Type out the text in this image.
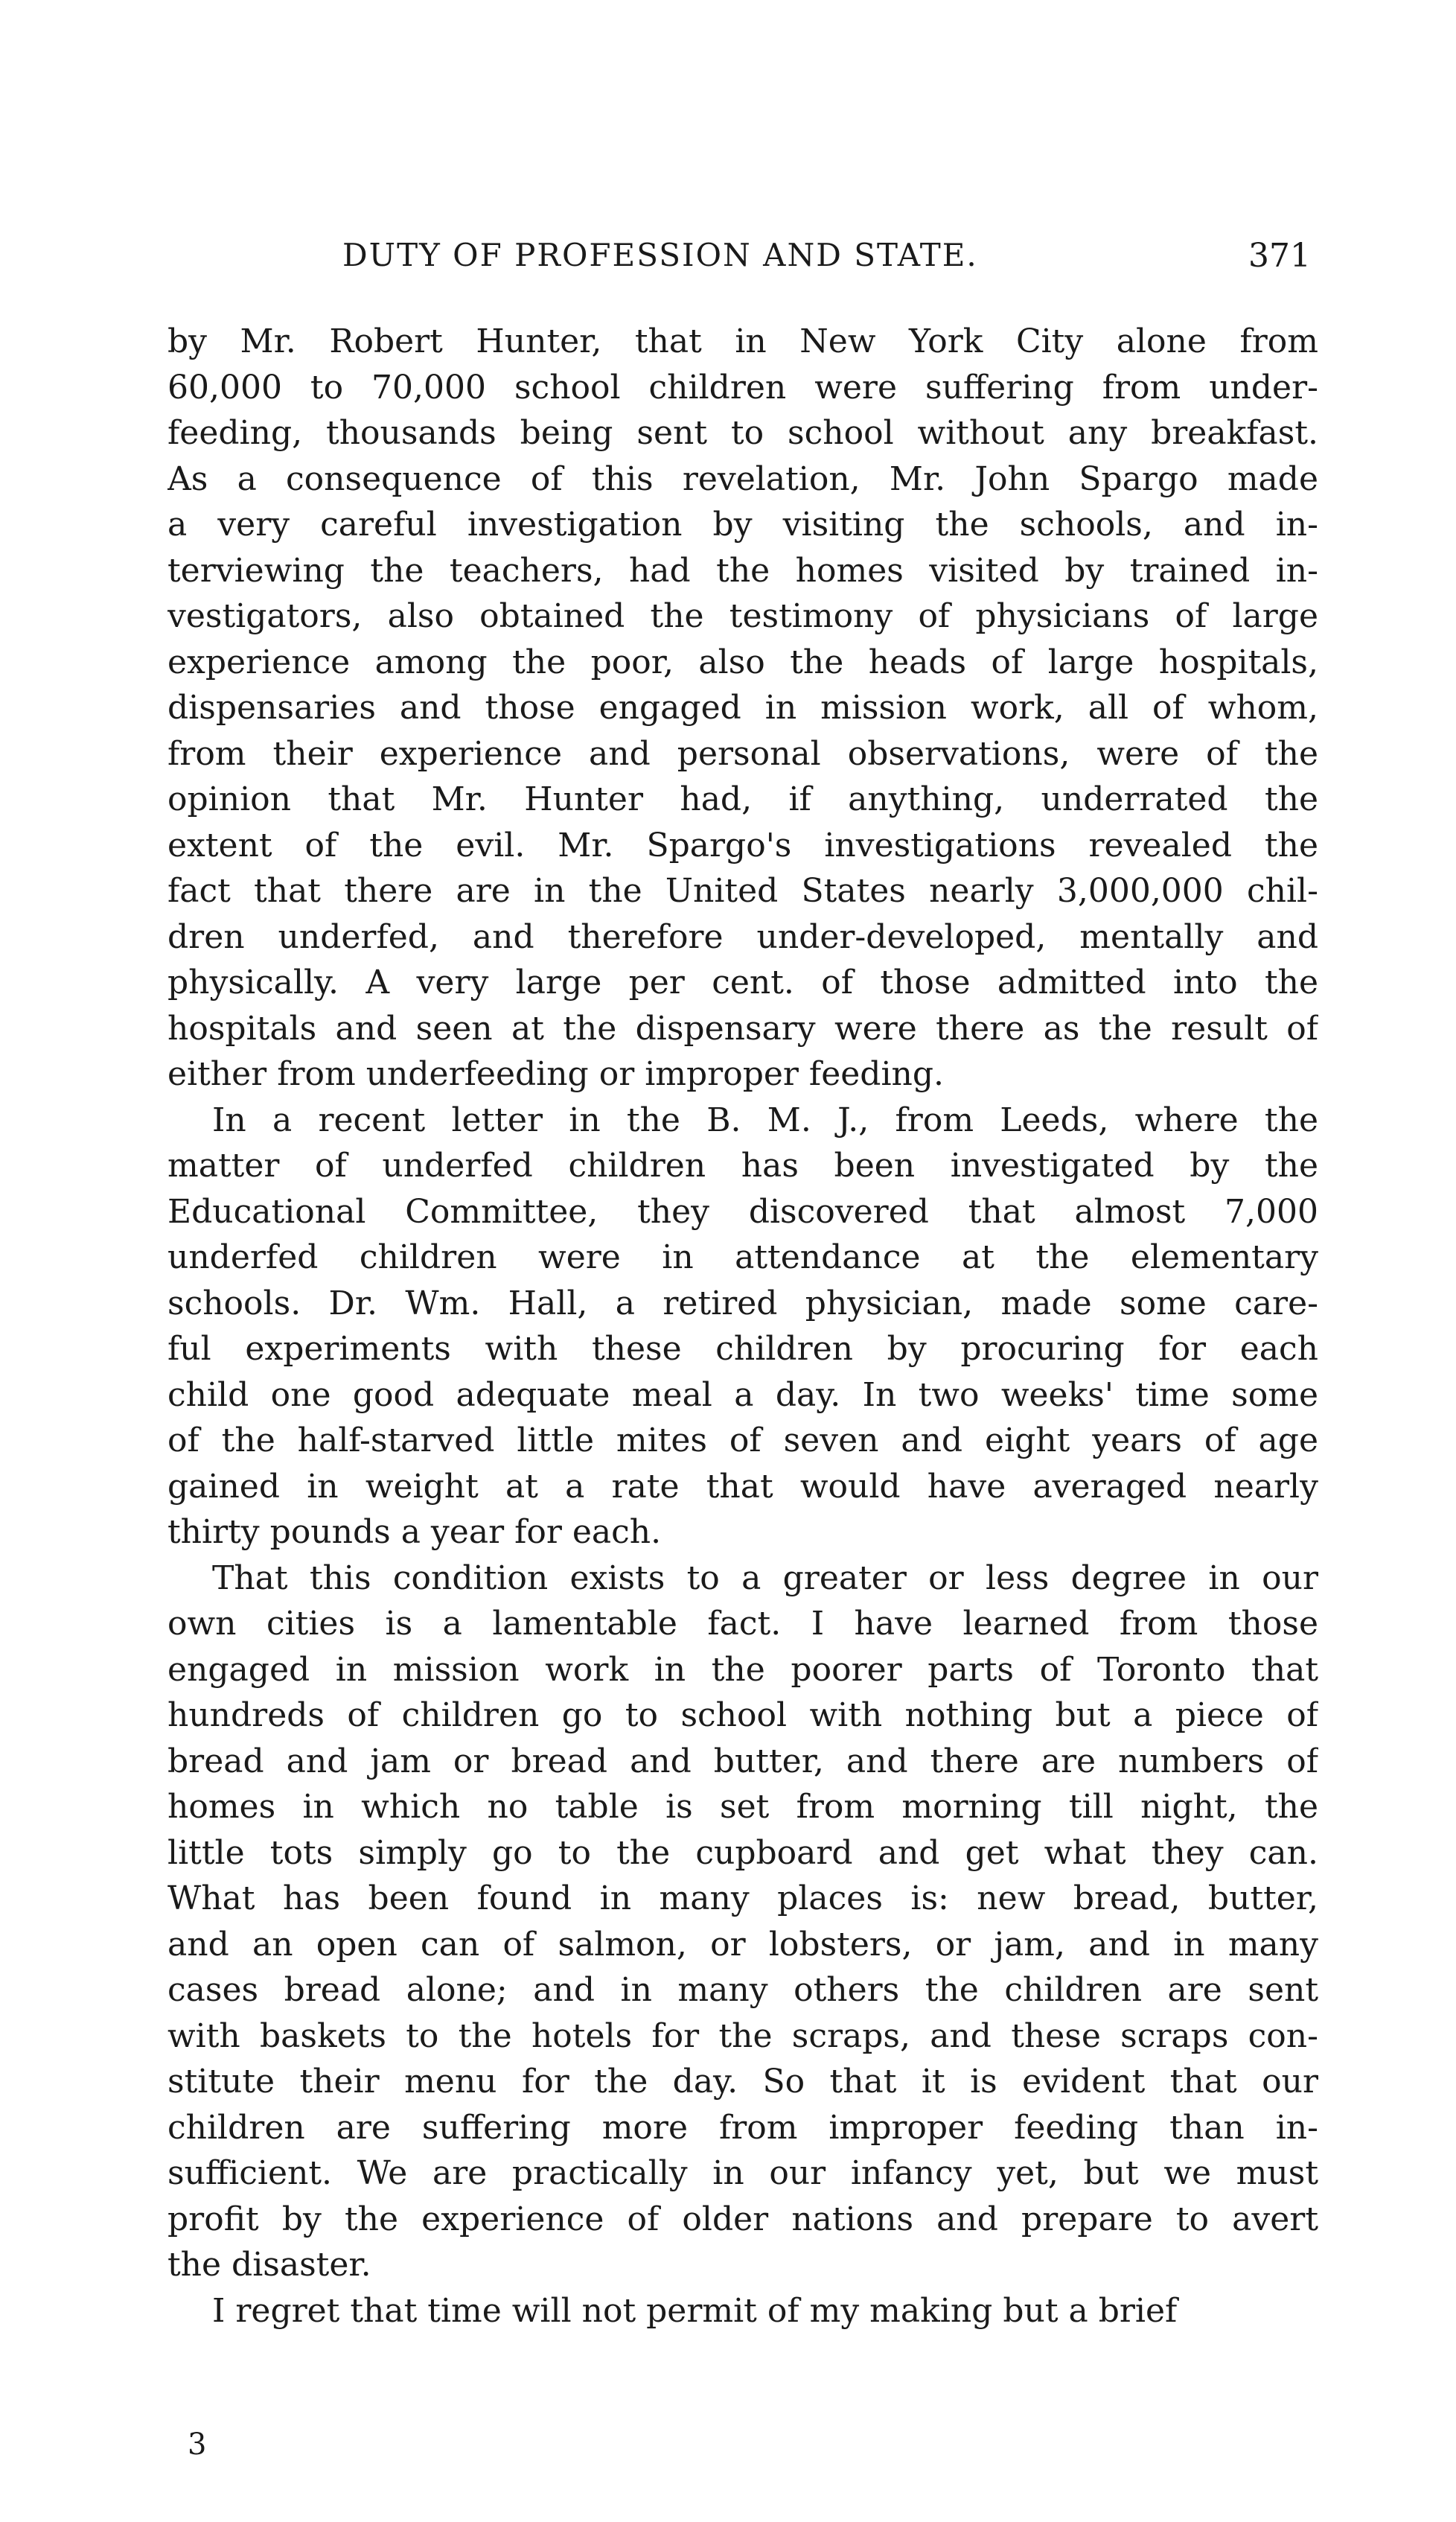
DUTY OF PROFESSION AND STATE.	371
by Mr. Robert Hunter, that in New York City alone from
60,000 to 70,000 school children were suffering from under-
feeding, thousands being sent to school without any breakfast.
As a consequence of this revelation, Mr. John Spargo made
a very careful investigation by visiting the schools, and in-
terviewing the teachers, had the homes visited by trained in-
vestigators, also obtained the testimony of physicians of large
experience among the poor, also the heads of large hospitals,
dispensaries and those engaged in mission work, all of whom,
from their experience and personal observations, were of the
opinion that Mr. Hunter had, if anything, underrated the
extent of the evil. Mr. Spargo's investigations revealed the
fact that there are in the United States nearly 3,000,000 chil-
dren underfed, and therefore under-developed, mentally and
physically. A very large per cent. of those admitted into the
hospitals and seen at the dispensary were there as the result of
either from underfeeding or improper feeding.
In a recent letter in the B. M. J., from Leeds, where the
matter of underfed children has been investigated by the
Educational Committee, they discovered that almost 7,000
underfed children were in attendance at the elementary
schools. Dr. Wm. Hall, a retired physician, made some care-
ful experiments with these children by procuring for each
child one good adequate meal a day. In two weeks' time some
of the half-starved little mites of seven and eight years of age
gained in weight at a rate that would have averaged nearly
thirty pounds a year for each.
That this condition exists to a greater or less degree in our
own cities is a lamentable fact. I have learned from those
engaged in mission work in the poorer parts of Toronto that
hundreds of children go to school with nothing but a piece of
bread and jam or bread and butter, and there are numbers of
homes in which no table is set from morning till night, the
little tots simply go to the cupboard and get what they can.
What has been found in many places is: new bread, butter,
and an open can of salmon, or lobsters, or jam, and in many
cases bread alone; and in many others the children are sent
with baskets to the hotels for the scraps, and these scraps con-
stitute their menu for the day. So that it is evident that our
children are suffering more from improper feeding than in-
sufficient. We are practically in our infancy yet, but we must
profit by the experience of older nations and prepare to avert
the disaster.
I regret that time will not permit of my making but a brief
3
